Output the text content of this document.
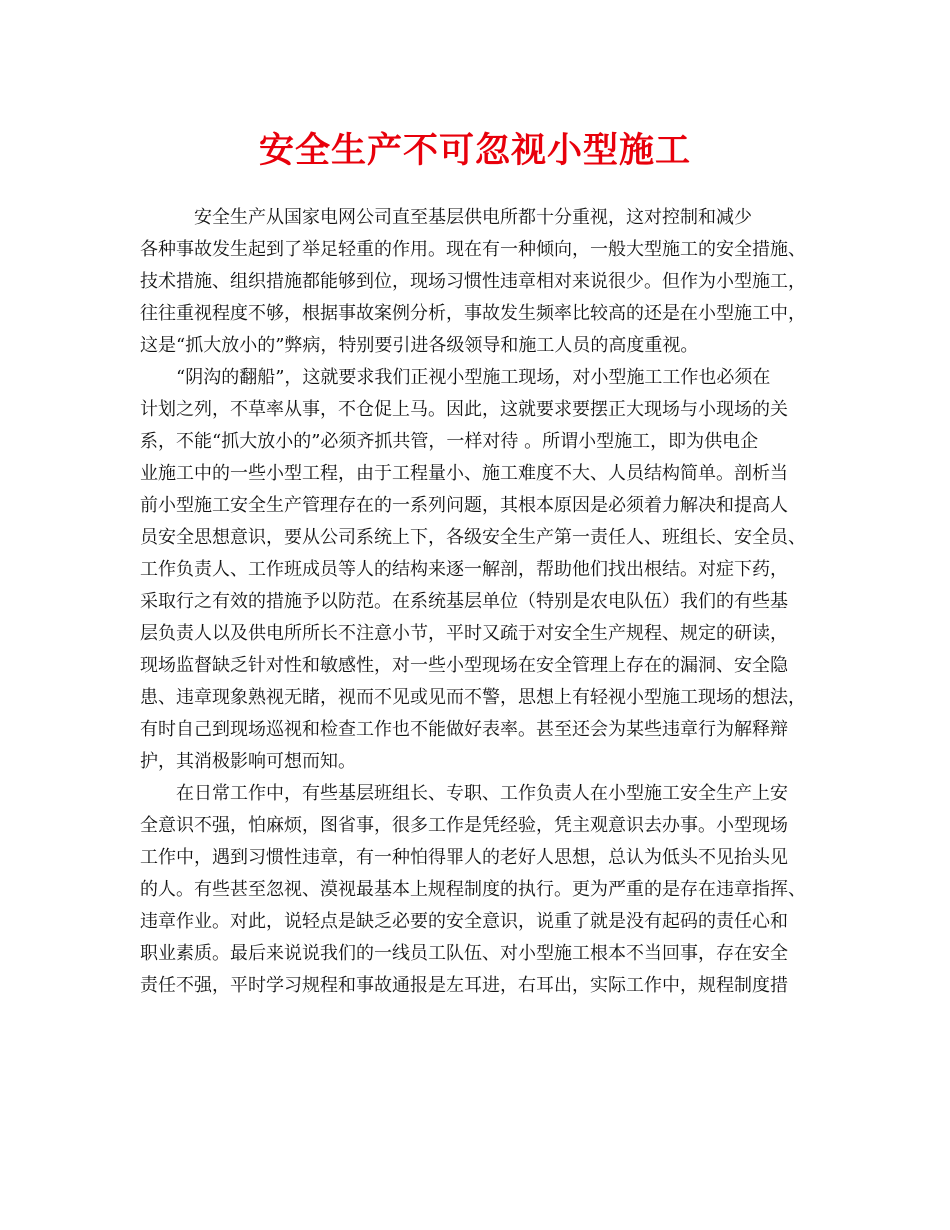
安全生产不可忽视小型施工
　　　安全生产从国家电网公司直至基层供电所都十分重视，这对控制和减少
各种事故发生起到了举足轻重的作用。现在有一种倾向，一般大型施工的安全措施、
技术措施、组织措施都能够到位，现场习惯性违章相对来说很少。但作为小型施工，
往往重视程度不够，根据事故案例分析，事故发生频率比较高的还是在小型施工中，
这是“抓大放小的”弊病，特别要引进各级领导和施工人员的高度重视。
　　“阴沟的翻船”，这就要求我们正视小型施工现场，对小型施工工作也必须在
计划之列，不草率从事，不仓促上马。因此，这就要求要摆正大现场与小现场的关
系，不能“抓大放小的”必须齐抓共管，一样对待 。所谓小型施工，即为供电企
业施工中的一些小型工程，由于工程量小、施工难度不大、人员结构简单。剖析当
前小型施工安全生产管理存在的一系列问题，其根本原因是必须着力解决和提高人
员安全思想意识，要从公司系统上下，各级安全生产第一责任人、班组长、安全员、
工作负责人、工作班成员等人的结构来逐一解剖，帮助他们找出根结。对症下药，
采取行之有效的措施予以防范。在系统基层单位（特别是农电队伍）我们的有些基
层负责人以及供电所所长不注意小节，平时又疏于对安全生产规程、规定的研读，
现场监督缺乏针对性和敏感性，对一些小型现场在安全管理上存在的漏洞、安全隐
患、违章现象熟视无睹，视而不见或见而不警，思想上有轻视小型施工现场的想法，
有时自己到现场巡视和检查工作也不能做好表率。甚至还会为某些违章行为解释辩
护，其消极影响可想而知。
　　在日常工作中，有些基层班组长、专职、工作负责人在小型施工安全生产上安
全意识不强，怕麻烦，图省事，很多工作是凭经验，凭主观意识去办事。小型现场
工作中，遇到习惯性违章，有一种怕得罪人的老好人思想，总认为低头不见抬头见
的人。有些甚至忽视、漠视最基本上规程制度的执行。更为严重的是存在违章指挥、
违章作业。对此，说轻点是缺乏必要的安全意识，说重了就是没有起码的责任心和
职业素质。最后来说说我们的一线员工队伍、对小型施工根本不当回事，存在安全
责任不强，平时学习规程和事故通报是左耳进，右耳出，实际工作中，规程制度措
